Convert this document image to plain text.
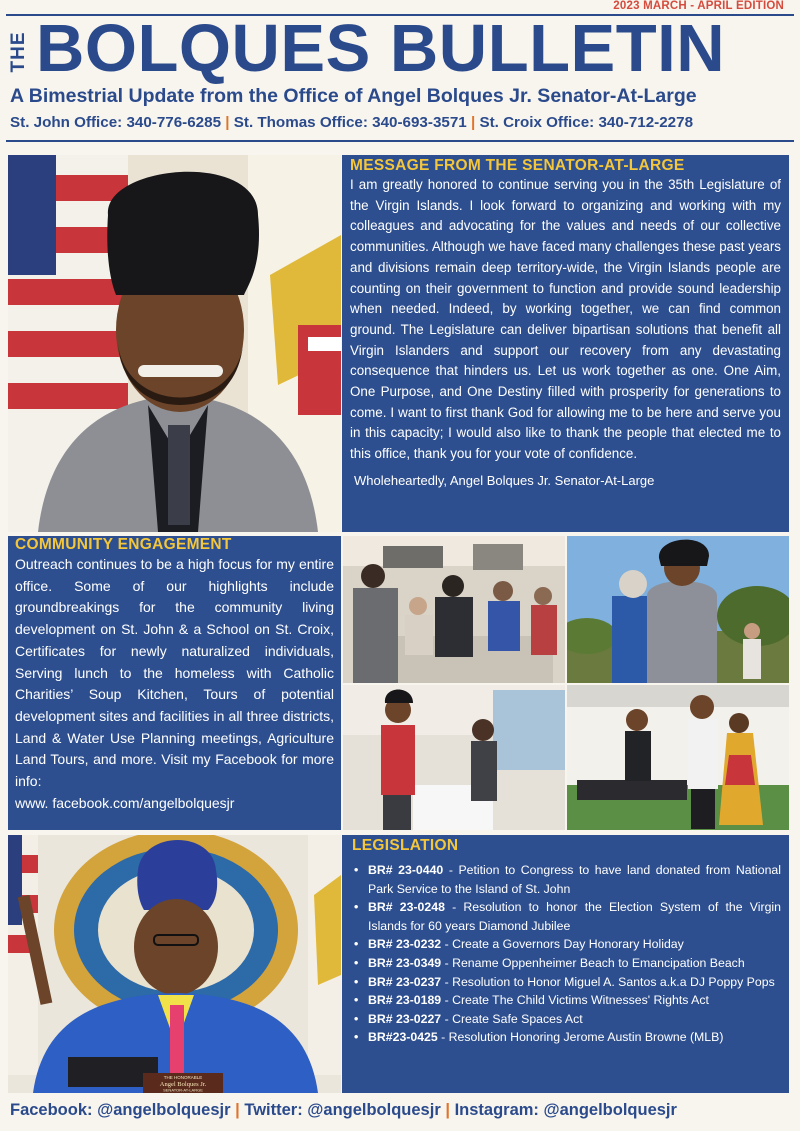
2023 MARCH - APRIL EDITION
THE BOLQUES BULLETIN
A Bimestrial Update from the Office of Angel Bolques Jr. Senator-At-Large
St. John Office: 340-776-6285 | St. Thomas Office: 340-693-3571 | St. Croix Office: 340-712-2278
MESSAGE FROM THE SENATOR-AT-LARGE

I am greatly honored to continue serving you in the 35th Legislature of the Virgin Islands. I look forward to organizing and working with my colleagues and advocating for the values and needs of our collective communities. Although we have faced many challenges these past years and divisions remain deep territory-wide, the Virgin Islands people are counting on their government to function and provide sound leadership when needed. Indeed, by working together, we can find common ground. The Legislature can deliver bipartisan solutions that benefit all Virgin Islanders and support our recovery from any devastating consequence that hinders us. Let us work together as one. One Aim, One Purpose, and One Destiny filled with prosperity for generations to come. I want to first thank God for allowing me to be here and serve you in this capacity; I would also like to thank the people that elected me to this office, thank you for your vote of confidence.

Wholeheartedly, Angel Bolques Jr. Senator-At-Large

COMMUNITY ENGAGEMENT

Outreach continues to be a high focus for my entire office. Some of our highlights include groundbreakings for the community living development on St. John & a School on St. Croix, Certificates for newly naturalized individuals, Serving lunch to the homeless with Catholic Charities’ Soup Kitchen, Tours of potential development sites and facilities in all three districts, Land & Water Use Planning meetings, Agriculture Land Tours, and more. Visit my Facebook for more info:

www. facebook.com/angelbolquesjr

THE HONORABLE
Angel Bolques Jr.
SENATOR-AT-LARGE
LEGISLATION
• BR# 23-0440 - Petition to Congress to have land donated from National Park Service to the Island of St. John
• BR# 23-0248 - Resolution to honor the Election System of the Virgin Islands for 60 years Diamond Jubilee
• BR# 23-0232 - Create a Governors Day Honorary Holiday
• BR# 23-0349 - Rename Oppenheimer Beach to Emancipation Beach
• BR# 23-0237 - Resolution to Honor Miguel A. Santos a.k.a DJ Poppy Pops
• BR# 23-0189 - Create The Child Victims Witnesses' Rights Act
• BR# 23-0227 - Create Safe Spaces Act
• BR#23-0425 - Resolution Honoring Jerome Austin Browne (MLB)
Facebook: @angelbolquesjr | Twitter: @angelbolquesjr | Instagram: @angelbolquesjr
